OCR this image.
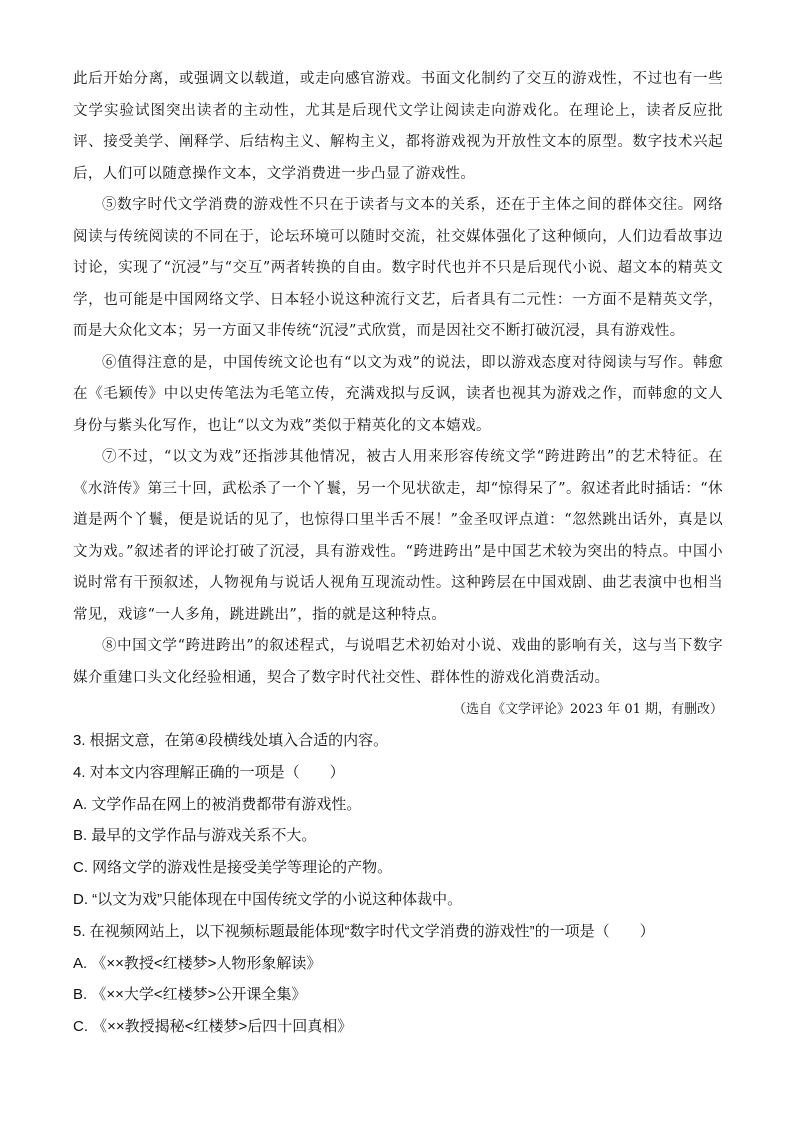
此后开始分离，或强调文以载道，或走向感官游戏。书面文化制约了交互的游戏性，不过也有一些文学实验试图突出读者的主动性，尤其是后现代文学让阅读走向游戏化。在理论上，读者反应批评、接受美学、阐释学、后结构主义、解构主义，都将游戏视为开放性文本的原型。数字技术兴起后，人们可以随意操作文本，文学消费进一步凸显了游戏性。

⑤数字时代文学消费的游戏性不只在于读者与文本的关系，还在于主体之间的群体交往。网络阅读与传统阅读的不同在于，论坛环境可以随时交流，社交媒体强化了这种倾向，人们边看故事边讨论，实现了“沉浸”与“交互”两者转换的自由。数字时代也并不只是后现代小说、超文本的精英文学，也可能是中国网络文学、日本轻小说这种流行文艺，后者具有二元性：一方面不是精英文学，而是大众化文本；另一方面又非传统“沉浸”式欣赏，而是因社交不断打破沉浸，具有游戏性。

⑥值得注意的是，中国传统文论也有“以文为戏”的说法，即以游戏态度对待阅读与写作。韩愈在《毛颖传》中以史传笔法为毛笔立传，充满戏拟与反讽，读者也视其为游戏之作，而韩愈的文人身份与紫头化写作，也让“以文为戏”类似于精英化的文本嬉戏。

⑦不过，“以文为戏”还指涉其他情况，被古人用来形容传统文学“跨进跨出”的艺术特征。在《水浒传》第三十回，武松杀了一个丫鬟，另一个见状欲走，却“惊得呆了”。叙述者此时插话：“休道是两个丫鬟，便是说话的见了，也惊得口里半舌不展！”金圣叹评点道：“忽然跳出话外，真是以文为戏。”叙述者的评论打破了沉浸，具有游戏性。“跨进跨出”是中国艺术较为突出的特点。中国小说时常有干预叙述，人物视角与说话人视角互现流动性。这种跨层在中国戏剧、曲艺表演中也相当常见，戏谚“一人多角，跳进跳出”，指的就是这种特点。

⑧中国文学“跨进跨出”的叙述程式，与说唱艺术初始对小说、戏曲的影响有关，这与当下数字媒介重建口头文化经验相通，契合了数字时代社交性、群体性的游戏化消费活动。

（选自《文学评论》2023 年 01 期，有删改）

3. 根据文意，在第④段横线处填入合适的内容。

4. 对本文内容理解正确的一项是（　　）

A. 文学作品在网上的被消费都带有游戏性。

B. 最早的文学作品与游戏关系不大。

C. 网络文学的游戏性是接受美学等理论的产物。

D. “以文为戏”只能体现在中国传统文学的小说这种体裁中。

5. 在视频网站上，以下视频标题最能体现“数字时代文学消费的游戏性”的一项是（　　）

A. 《××教授<红楼梦>人物形象解读》

B. 《××大学<红楼梦>公开课全集》

C. 《××教授揭秘<红楼梦>后四十回真相》
